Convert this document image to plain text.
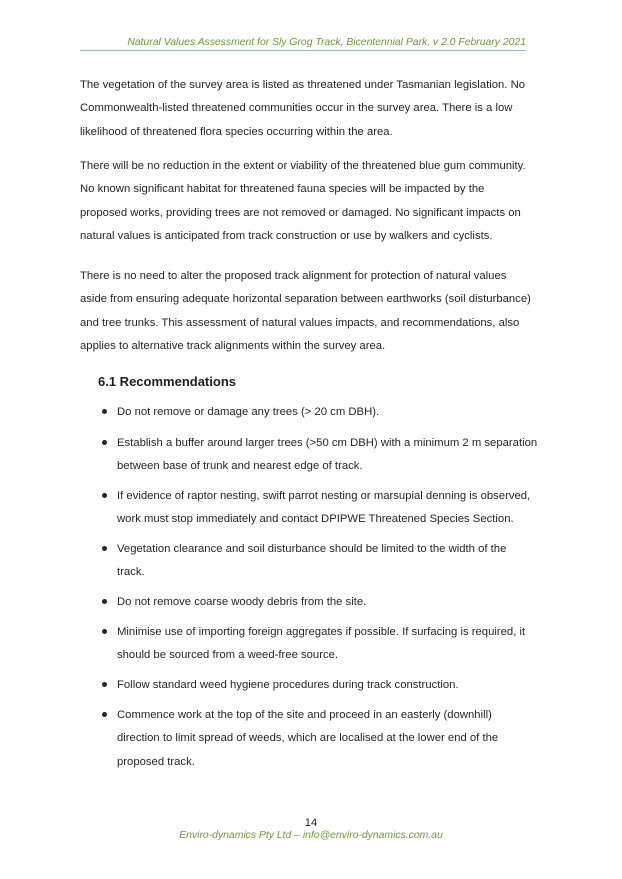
Natural Values Assessment for Sly Grog Track, Bicentennial Park, v 2.0 February 2021

The vegetation of the survey area is listed as threatened under Tasmanian legislation. No
Commonwealth-listed threatened communities occur in the survey area. There is a low
likelihood of threatened flora species occurring within the area.

There will be no reduction in the extent or viability of the threatened blue gum community.
No known significant habitat for threatened fauna species will be impacted by the
proposed works, providing trees are not removed or damaged. No significant impacts on
natural values is anticipated from track construction or use by walkers and cyclists.

There is no need to alter the proposed track alignment for protection of natural values
aside from ensuring adequate horizontal separation between earthworks (soil disturbance)
and tree trunks. This assessment of natural values impacts, and recommendations, also
applies to alternative track alignments within the survey area.

6.1 Recommendations
Do not remove or damage any trees (> 20 cm DBH).
Establish a buffer around larger trees (>50 cm DBH) with a minimum 2 m separation
between base of trunk and nearest edge of track.
If evidence of raptor nesting, swift parrot nesting or marsupial denning is observed,
work must stop immediately and contact DPIPWE Threatened Species Section.
Vegetation clearance and soil disturbance should be limited to the width of the
track.
Do not remove coarse woody debris from the site.
Minimise use of importing foreign aggregates if possible. If surfacing is required, it
should be sourced from a weed-free source.
Follow standard weed hygiene procedures during track construction.
Commence work at the top of the site and proceed in an easterly (downhill)
direction to limit spread of weeds, which are localised at the lower end of the
proposed track.
14
Enviro-dynamics Pty Ltd – info@enviro-dynamics.com.au
